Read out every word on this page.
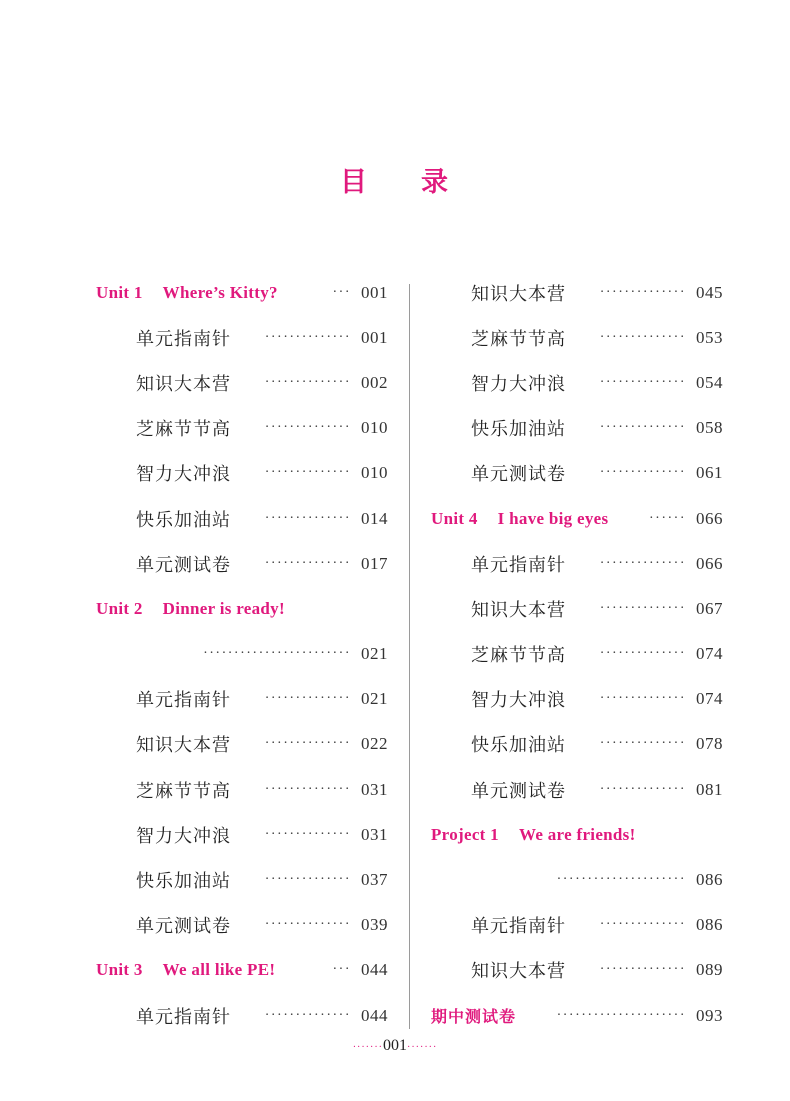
目 录
Unit 1 Where’s Kitty?	··· 001
单元指南针	·············· 001
知识大本营	·············· 002
芝麻节节高	·············· 010
智力大冲浪	·············· 010
快乐加油站	·············· 014
单元测试卷	·············· 017
Unit 2 Dinner is ready!
························ 021
单元指南针	·············· 021
知识大本营	·············· 022
芝麻节节高	·············· 031
智力大冲浪	·············· 031
快乐加油站	·············· 037
单元测试卷	·············· 039
Unit 3 We all like PE!	··· 044
单元指南针	·············· 044
知识大本营	·············· 045
芝麻节节高	·············· 053
智力大冲浪	·············· 054
快乐加油站	·············· 058
单元测试卷	·············· 061
Unit 4 I have big eyes	······ 066
单元指南针	·············· 066
知识大本营	·············· 067
芝麻节节高	·············· 074
智力大冲浪	·············· 074
快乐加油站	·············· 078
单元测试卷	·············· 081
Project 1 We are friends!
····················· 086
单元指南针	·············· 086
知识大本营	·············· 089
期中测试卷	····················· 093
·······001·······
